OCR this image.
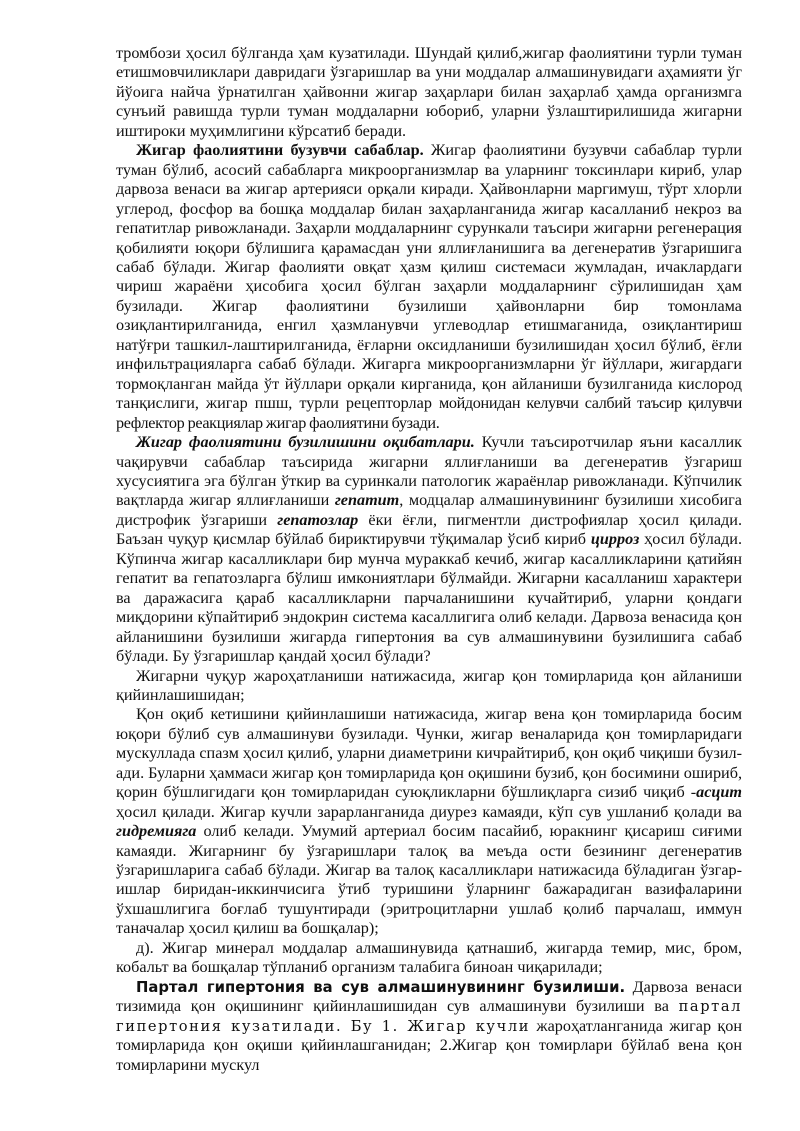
тромбози ҳосил бўлганда ҳам кузатилади. Шундай қилиб,жигар фаолиятини турли туман етишмовчиликлари давридаги ўзгаришлар ва уни моддалар алмашинувидаги аҳамияти ўг йўоига найча ўрнатилган ҳайвонни жигар заҳарлари билан заҳарлаб ҳамда организмга сунъий равишда турли туман моддаларни юбориб, уларни ўзлаштирилишида жигарни иштироки муҳимлигини кўрсатиб беради.

Жигар фаолиятини бузувчи сабаблар. Жигар фаолиятини бузувчи сабаблар турли туман бўлиб, асосий сабабларга микроорганизмлар ва уларнинг токсинлари кириб, улар дарвоза венаси ва жигар артерияси орқали киради. Ҳайвонларни маргимуш, тўрт хлорли углерод, фосфор ва бошқа моддалар билан заҳарланганида жигар касалланиб некроз ва гепатитлар ривожланади. Заҳарли моддаларнинг сурункали таъсири жигарни регенерация қобилияти юқори бўлишига қарамасдан уни яллиғланишига ва дегенератив ўзгаришига сабаб бўлади. Жигар фаолияти овқат ҳазм қилиш системаси жумладан, ичаклардаги чириш жараёни ҳисобига ҳосил бўлган заҳарли моддаларнинг сўрилишидан ҳам бузилади. Жигар фаолиятини бузилиши ҳайвонларни бир томонлама озиқлантирилганида, енгил ҳазмланувчи углеводлар етишмаганида, озиқлантириш натўғри ташкил-лаштирилганида, ёғларни оксидланиши бузилишидан ҳосил бўлиб, ёғли инфильтрацияларга сабаб бўлади. Жигарга микроорганизмларни ўг йўллари, жигардаги тормоқланган майда ўт йўллари орқали кирганида, қон айланиши бузилганида кислород танқислиги, жигар пшш, турли рецепторлар мойдонидан келувчи салбий таъсир қилувчи рефлектор реакциялар жигар фаолиятини бузади.

Жигар фаолиятини бузилишини оқибатлари. Кучли таъсиротчилар яъни касаллик чақирувчи сабаблар таъсирида жигарни яллиғланиши ва дегенератив ўзгариш хусусиятига эга бўлган ўткир ва суринкали патологик жараёнлар ривожланади. Кўпчилик вақтларда жигар яллиғланиши гепатит, модцалар алмашинувининг бузилиши хисобига дистрофик ўзгариши гепатозлар ёки ёғли, пигментли дистрофиялар ҳосил қилади. Баъзан чуқур қисмлар бўйлаб бириктирувчи тўқималар ўсиб кириб цирроз ҳосил бўлади. Кўпинча жигар касалликлари бир мунча мураккаб кечиб, жигар касалликларини қатийян гепатит ва гепатозларга бўлиш имкониятлари бўлмайди. Жигарни касалланиш характери ва даражасига қараб касалликларни парчаланишини кучайтириб, уларни қондаги миқдорини кўпайтириб эндокрин система касаллигига олиб келади. Дарвоза венасида қон айланишини бузилиши жигарда гипертония ва сув алмашинувини бузилишига сабаб бўлади. Бу ўзгаришлар қандай ҳосил бўлади?

Жигарни чуқур жароҳатланиши натижасида, жигар қон томирларида қон айланиши қийинлашишидан;

Қон оқиб кетишини қийинлашиши натижасида, жигар вена қон томирларида босим юқори бўлиб сув алмашинуви бузилади. Чунки, жигар веналарида қон томирларидаги мускуллада спазм ҳосил қилиб, уларни диаметрини кичрайтириб, қон оқиб чиқиши бузилади. Буларни ҳаммаси жигар қон томирларида қон оқишини бузиб, қон босимини ошириб, қорин бўшлигидаги қон томирларидан суюқликларни бўшлиқларга сизиб чиқиб -асцит ҳосил қилади. Жигар кучли зарарланганида диурез камаяди, кўп сув ушланиб қолади ва гидремияга олиб келади. Умумий артериал босим пасайиб, юракнинг қисариш сиғими камаяди. Жигарнинг бу ўзгаришлари талоқ ва меъда ости безининг дегенератив ўзгаришларига сабаб бўлади. Жигар ва талоқ касалликлари натижасида бўладиган ўзгаришлар биридан-иккинчисига ўтиб туришини ўларнинг бажарадиган вазифаларини ўхшашлигига боғлаб тушунтиради (эритроцитларни ушлаб қолиб парчалаш, иммун таначалар ҳосил қилиш ва бошқалар);

д). Жигар минерал моддалар алмашинувида қатнашиб, жигарда темир, мис, бром, кобальт ва бошқалар тўпланиб организм талабига биноан чиқарилади;

Партал гипертония ва сув алмашинувининг бузилиши. Дарвоза венаси тизимида қон оқишининг қийинлашишидан сув алмашинуви бузилиши ва партал гипертония кузатилади. Бу 1. Жигар кучли жароҳатланганида жигар қон томирларида қон оқиши қийинлашганидан; 2.Жигар қон томирлари бўйлаб вена қон томирларини мускул
